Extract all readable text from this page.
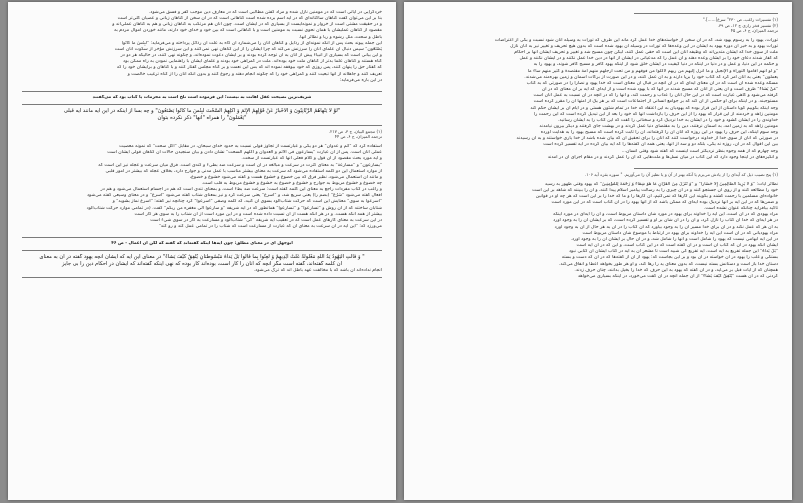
خردگرایی در آیاتی است که در مومنین نازل شده و مراد گفتن مطالبی است که در معارف دین موجب کفر و فسق می‌شود.
بنا بر این می‌توان گفت گناهان ساکتانه‌ای که در آیه اسم برده شده است گناهانی است که در آن سخن از گناهان زبانی و عصیان کلی‌تر است
و در حقیقت مشتی است از خروار و نمونه‌ایست از بسیاری که در ایشان است. چون آنان هم مرتکب به گناهان زبانی و هم به گناهان عملی‌اند و
مقصود از گناهان عملیشان با همان نحوی نسبت به مومنین است و با گناهانی است که بین خود و خدای خود دارند، مانند خوردن اموال مردم به
باطل و سحت، مثل رشوه و ربا و نظائر آنها.
این جمله پیوند بحث پس از آنکه نمونه‌ای از رذایل و گناهان آنان را می‌شمارد آن گاه به علت آن رذائل پرداخته و می‌فرماید: "لَبِئْسَ ما کانُوا
یَصْنَعُون" سپس دنبال آن علمای آنان را سرزنش می‌کند که چرا ایشان را از این گناهان نهی نمی‌کنند و این سرزنش مؤخر از سکوت آنان است
و این بیانی است که بسیاری از انبیاء پیش از آنان به آن توجه کرده بودند و بر ایشان دعوت نموده‌اند، و چگونه نهی کنند، در حالیکه هر دو در
گناه هستند و گناهان علما بدتر از گناهان ملت خود بوده‌اند. ملت در گمراهی خود بودند و علمای ایشان با راهنمایی نمودن به راه ممکن بود
که گفتار حق را پنهان کنند، پس روزی که خود بیوقفه نموده اند که بس این نعمت و بر گناه مجلس گفتار کنند و با گناهان و برایشان خود را که
تعریف کنند و جاهلانه از آنها تبعیت کنند و گمراهی خود را که چگونه انجام دهند و رجوع کنند و بدون آنکه آنان را از گناه ترغیب خالصت و
در این باره می‌فرماید:
شریف‌ترین نصیحت عقل اهانت به نیست؛ این فرموده است تلخ است به محرمات یا کتاب بود که می‌گفتند
"لَوْ لا یَنْهاهُمُ الرَّبَّانِیُّونَ وَ الْأَحْبارُ عَنْ قَوْلِهِمُ الْإِثْمَ وَ أَکْلِهِمُ السُّحْتَ لَبِئْسَ ما کانُوا یَصْنَعُونَ" و چه بسا از اینکه در این آیه مانند آیه قبلی
"یَعْمَلُونَ" را همراه "آنها" ذکر نکرده بتوان
(۱) مجمع البیان، ج ۳، ص ۲۱۷.
ترجمه المیزان، ج ۶، ص ۴۴
استفاده کرد که "اثم و عدوان" هر دو یکی و عبارتست از تجاوز قولی نسبت به حدود خدای سبحان، در مقابل "أکل سحت" که نمونه معصیت
عملی آنان است. پس از آن عبارت "یسارعون فی الاثم و العدوان و أکلهم السحت" نشان دادن و بیان سنجیدن حالات آن گناهان قولی ایشان است
و آیه مورد بحث مقصود از آن قول و کلام فعلی آنها که عبارتست از سخت.
"یسارعون" و "مسارعة" به معنای کثرت در سرعت و مبالغه در آن است و سرعت ضد بطیء و کندی است. فرق میان سرعت و عجله نیز این است که
از موارد استعمال این دو کلمه استفاده می‌شود که سرعت به معنای بیشتر مناسب با عمل مدنی و جوارح دارد، بخلاف عجله که بیشتر در امور قلبی
و مانند آن استعمال می‌شود، نظیر فرق که بین خضوع و خشوع هست و گفته می‌شود خشوع و خضوع،
چه خضوع و خشوع مربوط به جوارح و خشوع و خضوع به خشوع و خشوع مربوط به قلب است.
و راغب در کتاب مفردات راجع به معنای این کلمه گفته است: سرعت ضد بطء است، و بمعنای تندی است که هم در اجسام استعمال می‌شود و هم در
افعال گفته می‌شود "سَرُعَ" (بضم را) یعنی سریع شد، و "اسرع" یعنی سرعت کرد و نیز بمعنای شتاب گفته می‌شود "أسرع" و در معنای وسیعی گفته می‌شود
"اسرعوا به سوی" معنایش این است که حرکت شتاب‌آلود بسوی آن کنید، که کلمه وصفی "اسرعوا" کرد چنانچه نیز گفته: "اسرع نماز بشوید" و
شتابان ساختند که از آن روش و "تسارعوا" و "تسارعوا" همانطور که در آیه شریفه "و سارعوا الی مغفره من ربکم" گفت. (در تمامی موارد حرکت شتاب‌آلود
بیشتر از همه آنکه هست. و در هر آنکه هست از آن نسبت داده شده است و در این مورد است از آن شتاب را به سوی هر کار است
در این سرعت به معنای کارهای عمل است که در تعقیب آیه شریفه "کی" شتاب‌آلود و مسارعت به کار در سوی شیء است
می‌ورزد که: "این آیه در آن سرعت به معنای آن که عبارت از مسارعت است که شتاب را در تمامی عمل کند و رو کند"
ابوجهل ای در معنای مطلق: چون آیه‌ها اینکه گفته‌اند که گفته که لکن آن اعمال - ص ۴۶
" وَ قالَتِ الْیَهُودُ یَدُ اللَّهِ مَغْلُولَةٌ غُلَّتْ أَیْدِیهِمْ وَ لُعِنُوا بِما قالُوا بَلْ یَداهُ مَبْسُوطَتانِ یُنْفِقُ کَیْفَ یَشاءُ" در معنای این آیه که ایشان آنچه یهود گفته در آن به معنای
آن کلمه گفته‌اند، گفته است مگر آنچه که آنان را کار است، بوده‌اند کار بوده که نهی اینکه گفته‌اند که ایشان در احکام دین را بی جایز
انجام نداده‌اند آن باشد که با مخالفت عهد باطل اند که ترک می‌شود.
(۱) تفسیرات راغب، ص ۲۳۰" سرع[......]."
(۲) تفسیر فخر رازی ج ۱۲، ص ۳۹.
ترجمه المیزان، ج ۶، ص ۴۵
تورات، یهود را به رسوم یهود شد، که در آن سخن از خواسته‌های خدا عمل کرد ماند این طرف که تورات به وسیله آنان شود نسبت و بکی از اعتراضات
تورات یهود و به خیر آن دوره یهود به ایشان در این وعده‌ها که تورات در وسیله آن یهود شده است که بدون هیچ تحریف و تغییر نیز به آنان نازل
ملت از سوی خدا که ایشان متدین‌اند که وظیفه آنان این است که حقی عمل کنند، لیکن چون مسیح شد و تغییر و تحریف ایشان آنها بر احکام
که کفار شدند دعای خود را بر ایشان وعده دهند و آن عمل را که مدعیانی در ایشان از آنها در دین خدا عمل نکنند و در ایشان نکنند و عمل
و حکمه در این دنیا، و عمل و در دنیا در اینکه در دنیا کیفیت در ایشان خلق شود از اینکه یهود کافر و مسیح کافر شوند، و یهود را به
"و لو أنهم أقاموا التوراة و الإنجیل و ما أنزل إلیهم من ربهم لأکلوا من فوقهم و من تحت أرجلهم منهم أمة مقتصدة و کثیر منهم ساء ما
یعملون" یعنی به آنان امر کرد که کتاب خود را برپا دارند و به آن عمل کنند، و در این صورت از برکات آسمان و زمین بهره‌مند می‌شدند.
مسئله وعده شده آن است که در آن معنای آیه‌ای که در آن آنچه در قبال آن معنای است که خدا یهود و نصارا را در صورتی که به کتاب
"مَنْ یَشاءُ" ظرف است و آن یعنی از آنان که مسیح شدند در آنها که با یهود شده است و از آیه‌ای که آیه بر آن معنای که در آن
گرفته می‌شود و گاهی عبارت است که در این حال آنان را عذاب و رحمت کند، و آنها را که در آنچه در آن نسبت به عمل آنان است
مستوجبند. و در اینکه برای او حکمی از آن کند که بر جوامع انسانی از اجتماعات است که بر هر یک از امتها آن را مقرر کرده است
وجه اینکه بگوییم گویا داستان از این قرار بوده که یهودیان به این اعتقاد که خدا در تمام شئون هستی و در ایام آن بر ایشان حکم کند
مومنین زاهد و خردمند از این قرار که یهود را از این حرف را بازداشت آنها که خود را بعد از این تبدیل کرده است که این رحمت را
خداوندی را در ایشان گشود و خود را در ایشان به خدا نزدیک کرد و سخنانی را گفت که این کتاب را به ایشان رسانید.
مومنین زاهد که به زمین آمد، به آسمان نرفتند، دین را به مقتضای دنیا عمل کردند و در بهشت جای گرفتند و دیگر بیرون نیامدند
وجه سوم اینکه، این حرف را یهود در این روزه که آنان آن را گرفته‌اند، آن را ثابت کرده است که مسیح یهود را به هدایت آورده
در صورتی که آنان از سوی خدا از خداوند درخواست کنند که آنان را برای تحقیق آن که بیان شده باشد از خدا یاری خواستند و به آن رسیدند
بین این اقوال که در آن، روزه نه یکی، بلکه دو و سه از آنها، یعنی همه آن گفته‌ها را که آیه بیان کرده در آیه تفسیر کرده است
وجه چهارم که از همه وجوه بنظر نزدیکتر است اینست که گفته شود وقتی انسان...
و انگیزه‌های در اینجا وجود دارد که این کتاب در میان نسل‌ها و ملت‌هایی که آن را عمل کردند و در مقام اجرای آن در آمدند
(۱) پنج نصیب ذیل که آیه‌ای را از یادش می‌برم یا آنکه بهتر از آن و یا نظیر آن را می‌آوریم. " سوره بقره آیه ۱۰۶.
نظائر آیات: "وَ لَا یَزِیدُ الظَّالِمِینَ إِلَّا خَسَاراً" و "وَ نُنَزِّلُ مِنَ الْقُرْآنِ مَا هُوَ شِفَاءٌ وَ رَحْمَةٌ لِلْمُؤْمِنِینَ" که یهود وقتی ظهور به رسید
خود را مطالعه کنند و از روی آن جستجو کنند و در آن چیزی را به رسالت پیامبر اسلام پیدا کنند، و آن را ببینند که شاهد بر این است
خانواده‌ای مسلمین با رحمت کشند و بگویند این کارها که نمی‌کنیم، آن کارها را و ما که خدا را بر این است که هر چه او در قوانین
و ضمن‌ها که در این آیه بر آنها نزدیک بوده آیه‌ای که ممکن باشد که از آنها یهود را در آن کتاب است که در این مورد است
تاکید بیافزاید چنانکه عنوان نشده است.
مراد یهودی که در آن است، این آیه را خداوند برای یهود در مورد شأن داستان مربوط است، و آن را آیه‌ای در مورد اینکه
در هر آیه‌ای که خدا آن کتاب را نازل کرد، و آن را در آن شأن بر او و تفسیر کرده است، که بر ایشان آن را به وجود آورد
به آن هر که عمل نکند و در آن برای خدا مسیر آن را به وجود بیاورد که آن کتاب را در آن به هر حال از آن به وجود آورد
مراد یهودیانی که در آن است این آیه را خداوند برای یهود در ارتباط با موضوع شأن داستان مربوط است
در این آیه ابهامی نیست که یهود را شامل است و آنها را شامل شد، و در آن حال بر ایشان آن را به وجود آورد.
ایشان آنکه یهود در آن که کتاب آن است و در آن گفته است که در این کتاب است، و این که در آن آیه است
"بَلْ یَداهُ" این جمله تفریع به آیه است، آیه تفریع کی شبیه است تا مشعر آن به آیه در کتاب ایشان آن کتابی نبود
بستگی و غلب را یهود در آن خواسته در آن بود و بر این بجاست که: یهود از آن از گفته‌ها که در آن که دست و بسته
دستان خدا باز است و دستانش بسته نیست، که بدون معنای ید را رها کند، و او هر طور بخواهد اعطا و انفاق می‌کند.
همچنان که از آیات قبل بر می‌آید، و در آن گفته که یهود به این حرف که خدا را بخیل بدانند، چنان حرف زدند.
کردنی که در آن هست "یُنْفِقُ کَیْفَ یَشاءُ" از آن جمله آنچه در آن گفت می‌خورد، در اینکه بسیاری می‌خواهد
